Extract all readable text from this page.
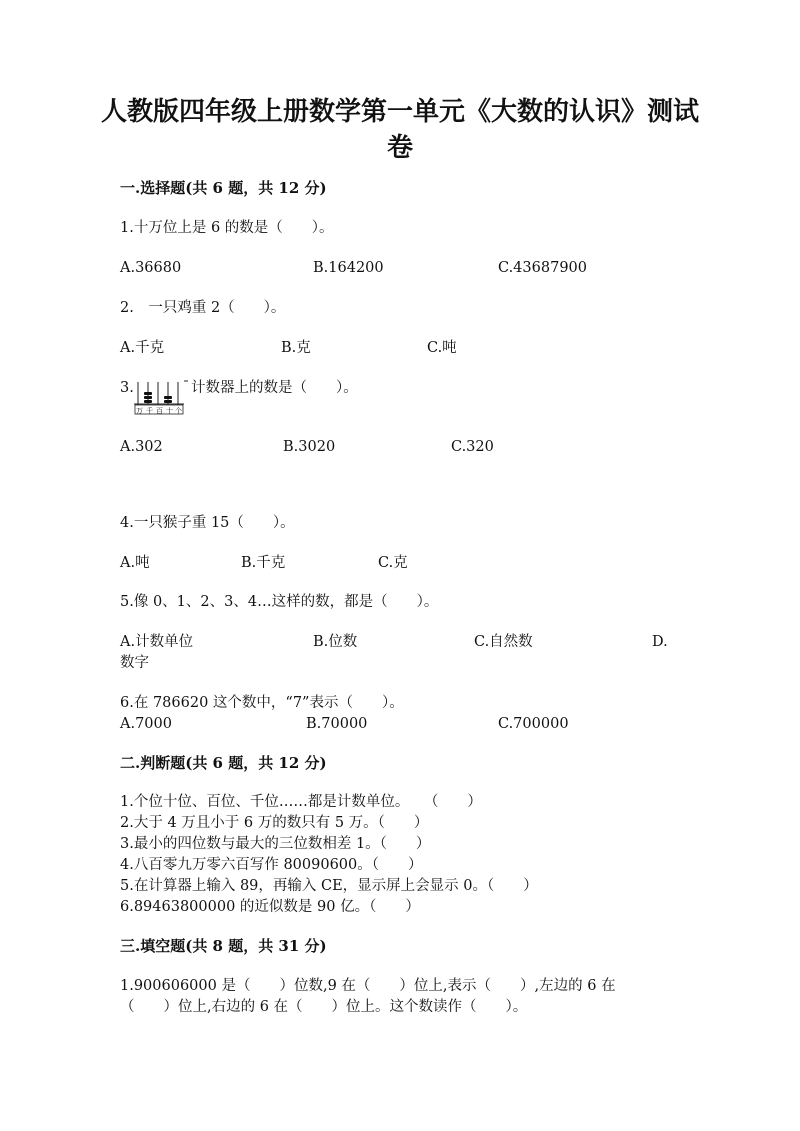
人教版四年级上册数学第一单元《大数的认识》测试卷
一.选择题(共 6 题，共 12 分)
1.十万位上是 6 的数是（　　）。
A.36680	B.164200	C.43687900
2.　一只鸡重 2（　　）。
A.千克	B.克	C.吨
3.
万 千 百 十 个
计数器上的数是（　　）。
A.302	B.3020	C.320
4.一只猴子重 15（　　）。
A.吨	B.千克	C.克
5.像 0、1、2、3、4…这样的数，都是（　　）。
A.计数单位	B.位数	C.自然数	D.
数字
6.在 786620 这个数中，“7”表示（　　）。
A.7000	B.70000	C.700000
二.判断题(共 6 题，共 12 分)
1.个位十位、百位、千位……都是计数单位。　　（　　）
2.大于 4 万且小于 6 万的数只有 5 万。（　　）
3.最小的四位数与最大的三位数相差 1。（　　）
4.八百零九万零六百写作 80090600。（　　）
5.在计算器上输入 89，再输入 CE，显示屏上会显示 0。（　　）
6.89463800000 的近似数是 90 亿。（　　）
三.填空题(共 8 题，共 31 分)
1.900606000 是（　　）位数,9 在（　　）位上,表示（　　）,左边的 6 在
（　　）位上,右边的 6 在（　　）位上。这个数读作（　　）。
